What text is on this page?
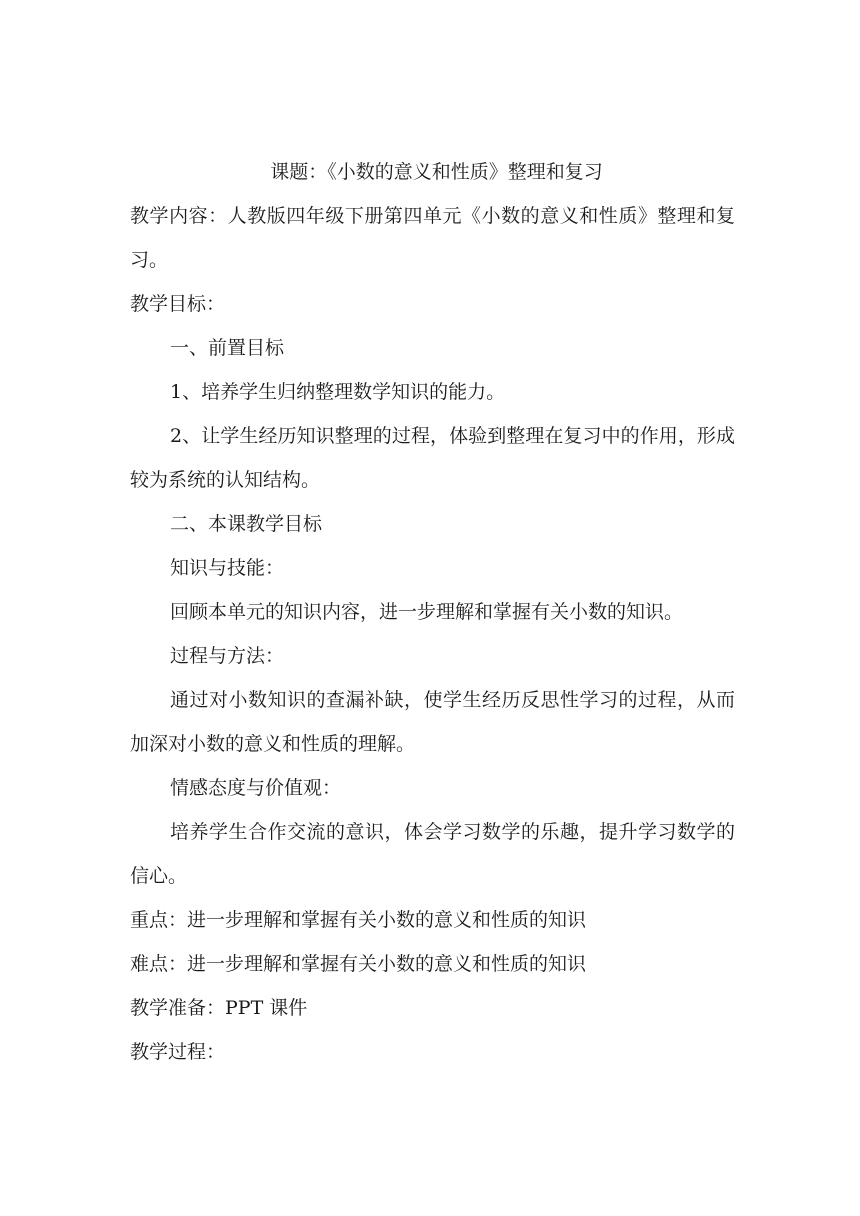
课题：《小数的意义和性质》整理和复习

教学内容：人教版四年级下册第四单元《小数的意义和性质》整理和复习。

教学目标：

一、前置目标

1、培养学生归纳整理数学知识的能力。

2、让学生经历知识整理的过程，体验到整理在复习中的作用，形成较为系统的认知结构。

二、本课教学目标

知识与技能：

回顾本单元的知识内容，进一步理解和掌握有关小数的知识。

过程与方法：

通过对小数知识的查漏补缺，使学生经历反思性学习的过程，从而加深对小数的意义和性质的理解。

情感态度与价值观：

培养学生合作交流的意识，体会学习数学的乐趣，提升学习数学的信心。

重点：进一步理解和掌握有关小数的意义和性质的知识

难点：进一步理解和掌握有关小数的意义和性质的知识

教学准备：PPT 课件

教学过程：
